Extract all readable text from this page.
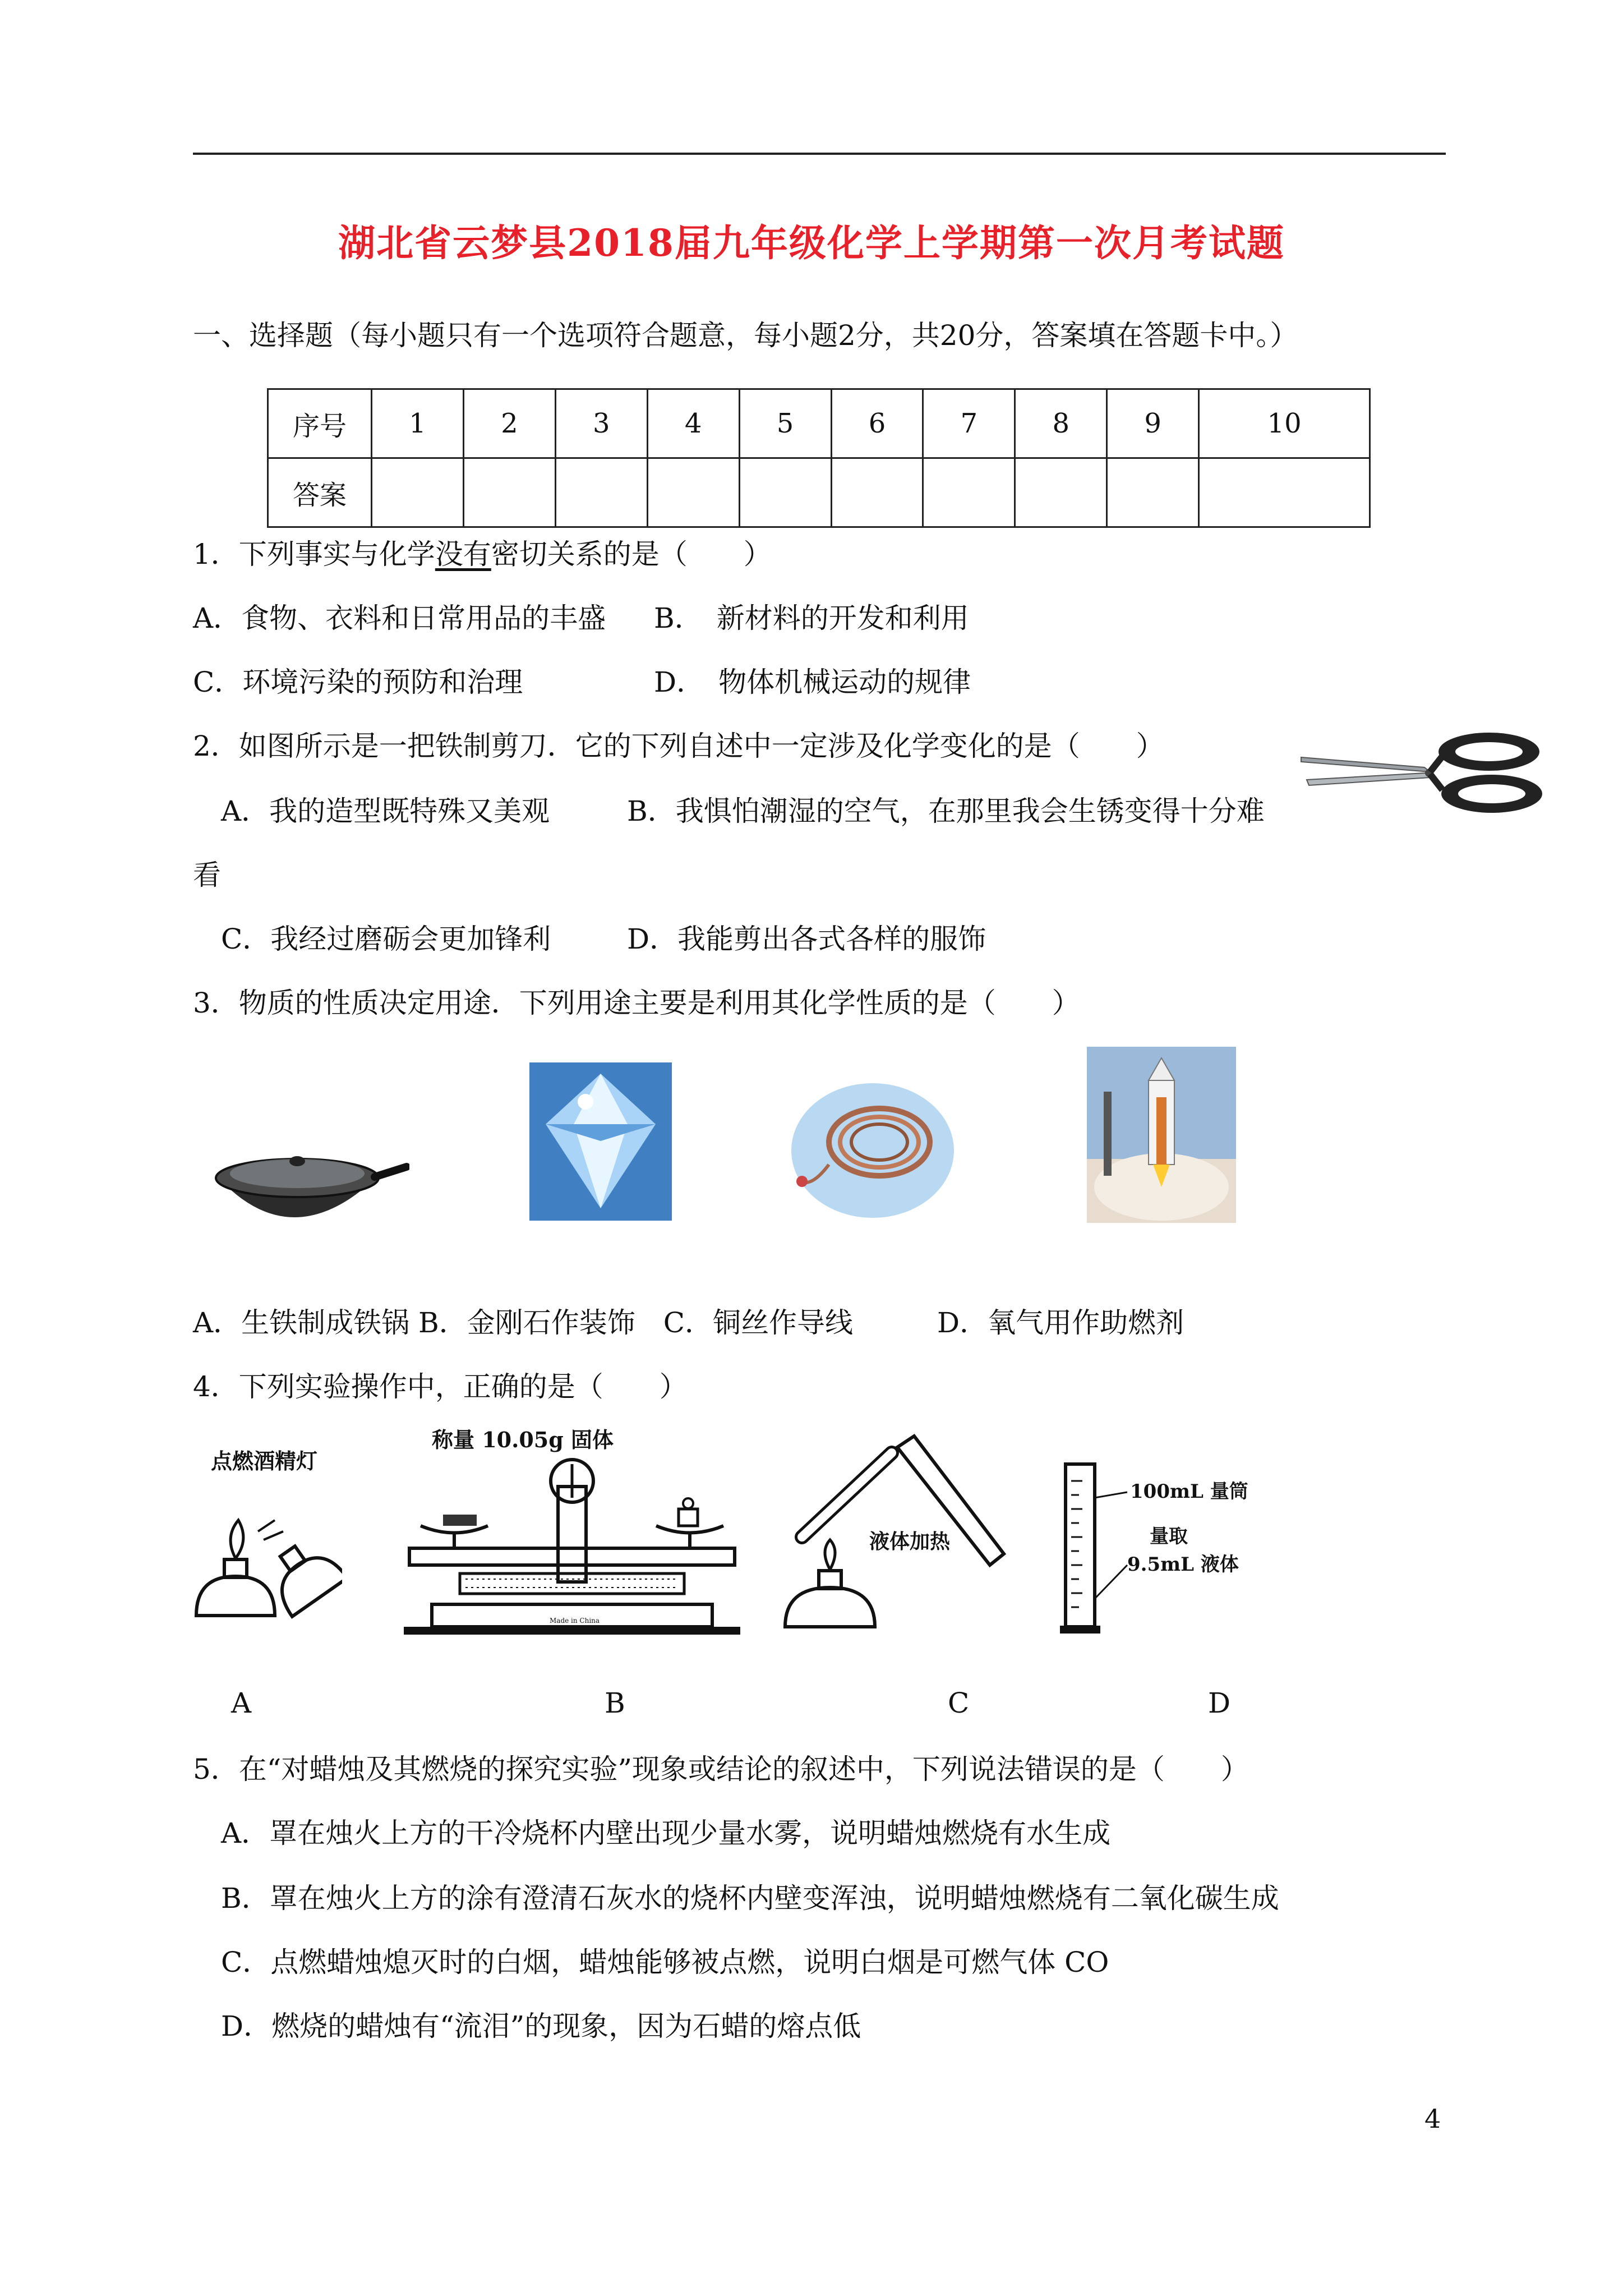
湖北省云梦县2018届九年级化学上学期第一次月考试题
一、选择题（每小题只有一个选项符合题意，每小题2分，共20分，答案填在答题卡中。）
序号	1	2	3	4	5	6	7	8	9	10
答案										
1．下列事实与化学没有密切关系的是（　　）
A．食物、衣料和日常用品的丰盛 B．　新材料的开发和利用
C．环境污染的预防和治理	D．　物体机械运动的规律
2．如图所示是一把铁制剪刀．它的下列自述中一定涉及化学变化的是（　　）
A．我的造型既特殊又美观	B．我惧怕潮湿的空气，在那里我会生锈变得十分难
看
C．我经过磨砺会更加锋利	D．我能剪出各式各样的服饰
3．物质的性质决定用途．下列用途主要是利用其化学性质的是（　　）
A．生铁制成铁锅 B．金刚石作装饰　C．铜丝作导线　　　D．氧气用作助燃剂
4．下列实验操作中，正确的是（　　）
点燃酒精灯
称量 10.05g 固体
Made in China
液体加热
100mL 量筒
量取
9.5mL 液体
A	B	C	D
5．在“对蜡烛及其燃烧的探究实验”现象或结论的叙述中，下列说法错误的是（　　）
A．罩在烛火上方的干冷烧杯内壁出现少量水雾，说明蜡烛燃烧有水生成
B．罩在烛火上方的涂有澄清石灰水的烧杯内壁变浑浊，说明蜡烛燃烧有二氧化碳生成
C．点燃蜡烛熄灭时的白烟，蜡烛能够被点燃，说明白烟是可燃气体 CO
D．燃烧的蜡烛有“流泪”的现象，因为石蜡的熔点低
4
